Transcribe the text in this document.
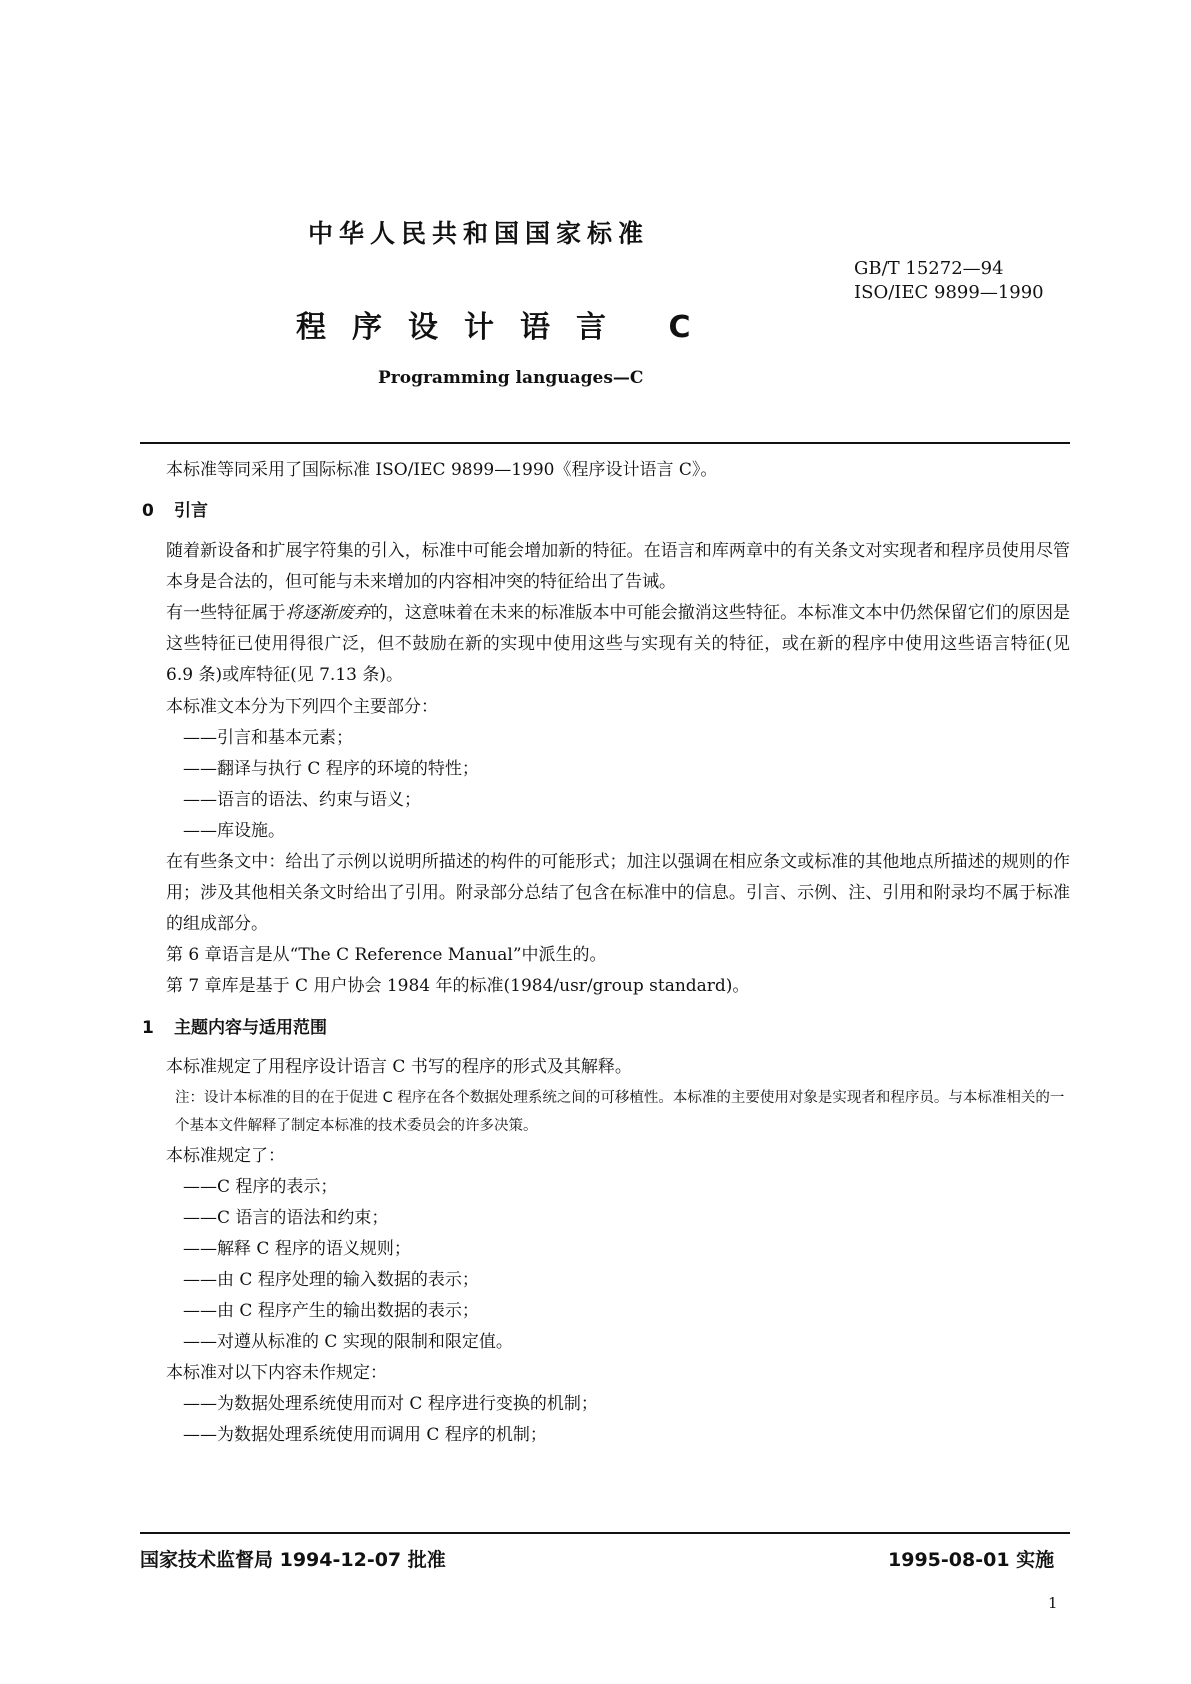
中华人民共和国国家标准
程序设计语言 C
Programming languages—C
GB/T 15272—94
ISO/IEC 9899—1990
本标准等同采用了国际标准 ISO/IEC 9899—1990《程序设计语言 C》。
0 引言
随着新设备和扩展字符集的引入，标准中可能会增加新的特征。在语言和库两章中的有关条文对实现者和程序员使用尽管本身是合法的，但可能与未来增加的内容相冲突的特征给出了告诫。
有一些特征属于将逐渐废弃的，这意味着在未来的标准版本中可能会撤消这些特征。本标准文本中仍然保留它们的原因是这些特征已使用得很广泛，但不鼓励在新的实现中使用这些与实现有关的特征，或在新的程序中使用这些语言特征(见 6.9 条)或库特征(见 7.13 条)。
本标准文本分为下列四个主要部分：
——引言和基本元素；
——翻译与执行 C 程序的环境的特性；
——语言的语法、约束与语义；
——库设施。
在有些条文中：给出了示例以说明所描述的构件的可能形式；加注以强调在相应条文或标准的其他地点所描述的规则的作用；涉及其他相关条文时给出了引用。附录部分总结了包含在标准中的信息。引言、示例、注、引用和附录均不属于标准的组成部分。
第 6 章语言是从“The C Reference Manual”中派生的。
第 7 章库是基于 C 用户协会 1984 年的标准(1984/usr/group standard)。
1 主题内容与适用范围
本标准规定了用程序设计语言 C 书写的程序的形式及其解释。
注：设计本标准的目的在于促进 C 程序在各个数据处理系统之间的可移植性。本标准的主要使用对象是实现者和程序员。与本标准相关的一个基本文件解释了制定本标准的技术委员会的许多决策。
本标准规定了：
——C 程序的表示；
——C 语言的语法和约束；
——解释 C 程序的语义规则；
——由 C 程序处理的输入数据的表示；
——由 C 程序产生的输出数据的表示；
——对遵从标准的 C 实现的限制和限定值。
本标准对以下内容未作规定：
——为数据处理系统使用而对 C 程序进行变换的机制；
——为数据处理系统使用而调用 C 程序的机制；
国家技术监督局 1994-12-07 批准	1995-08-01 实施
1
